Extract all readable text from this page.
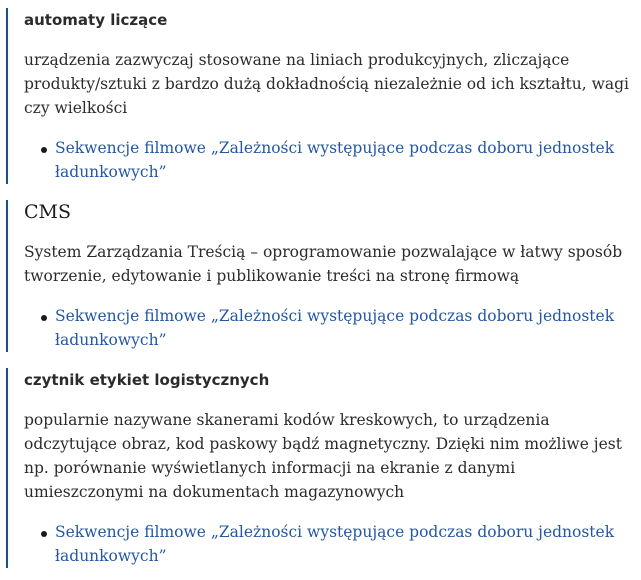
automaty liczące

urządzenia zazwyczaj stosowane na liniach produkcyjnych, zliczające produkty/sztuki z bardzo dużą dokładnością niezależnie od ich kształtu, wagi czy wielkości

Sekwencje filmowe „Zależności występujące podczas doboru jednostek ładunkowych”
CMS

System Zarządzania Treścią – oprogramowanie pozwalające w łatwy sposób tworzenie, edytowanie i publikowanie treści na stronę firmową

Sekwencje filmowe „Zależności występujące podczas doboru jednostek ładunkowych”
czytnik etykiet logistycznych

popularnie nazywane skanerami kodów kreskowych, to urządzenia odczytujące obraz, kod paskowy bądź magnetyczny. Dzięki nim możliwe jest np. porównanie wyświetlanych informacji na ekranie z danymi umieszczonymi na dokumentach magazynowych

Sekwencje filmowe „Zależności występujące podczas doboru jednostek ładunkowych”
